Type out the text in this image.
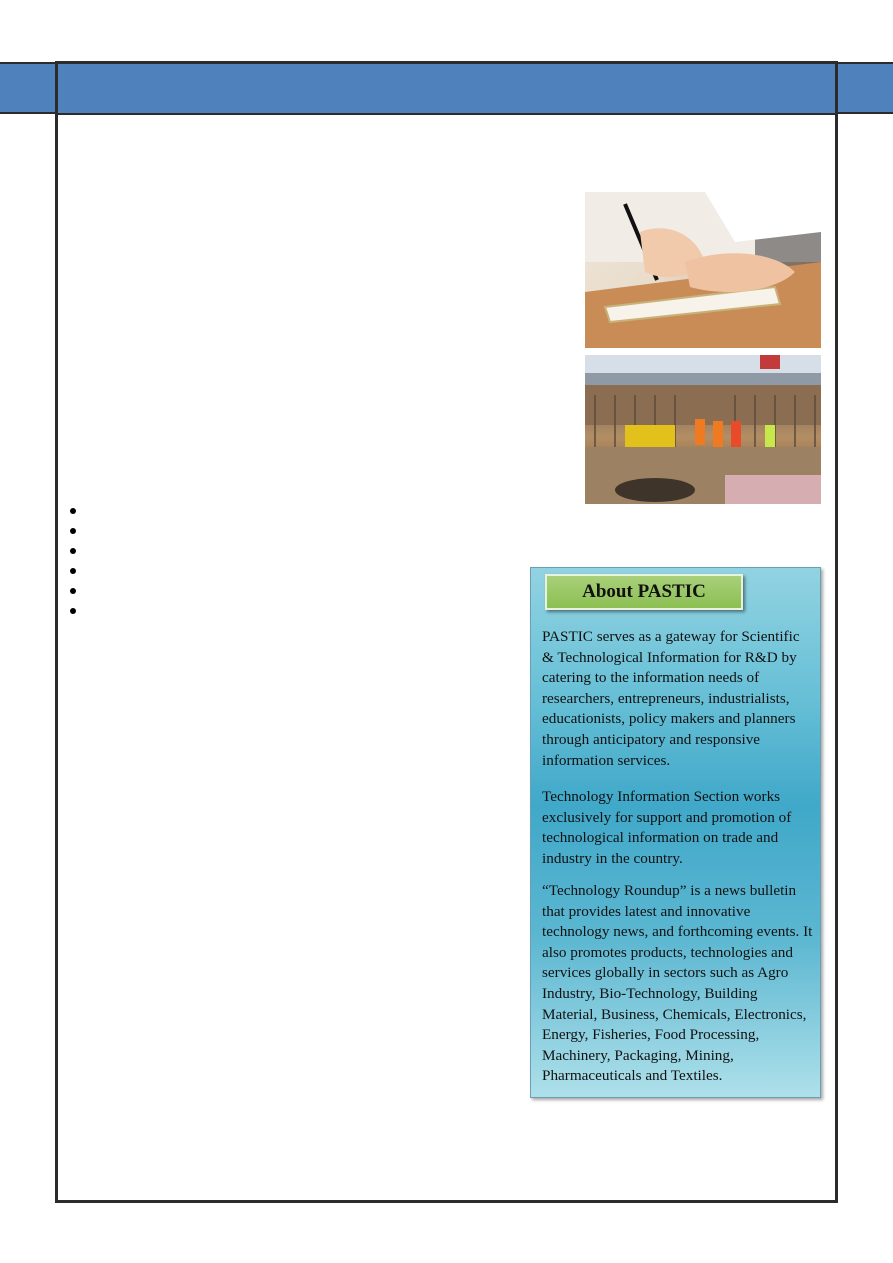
About PASTIC

PASTIC serves as a gateway for Scientific & Technological Information for R&D by catering to the information needs of researchers, entrepreneurs, industrialists, educationists, policy makers and planners through anticipatory and responsive information services.

Technology Information Section works exclusively for support and promotion of technological information on trade and industry in the country.

“Technology Roundup” is a news bulletin that provides latest and innovative technology news, and forthcoming events. It also promotes products, technologies and services globally in sectors such as Agro Industry, Bio-Technology, Building Material, Business, Chemicals, Electronics, Energy, Fisheries, Food Processing, Machinery, Packaging, Mining, Pharmaceuticals and Textiles.
